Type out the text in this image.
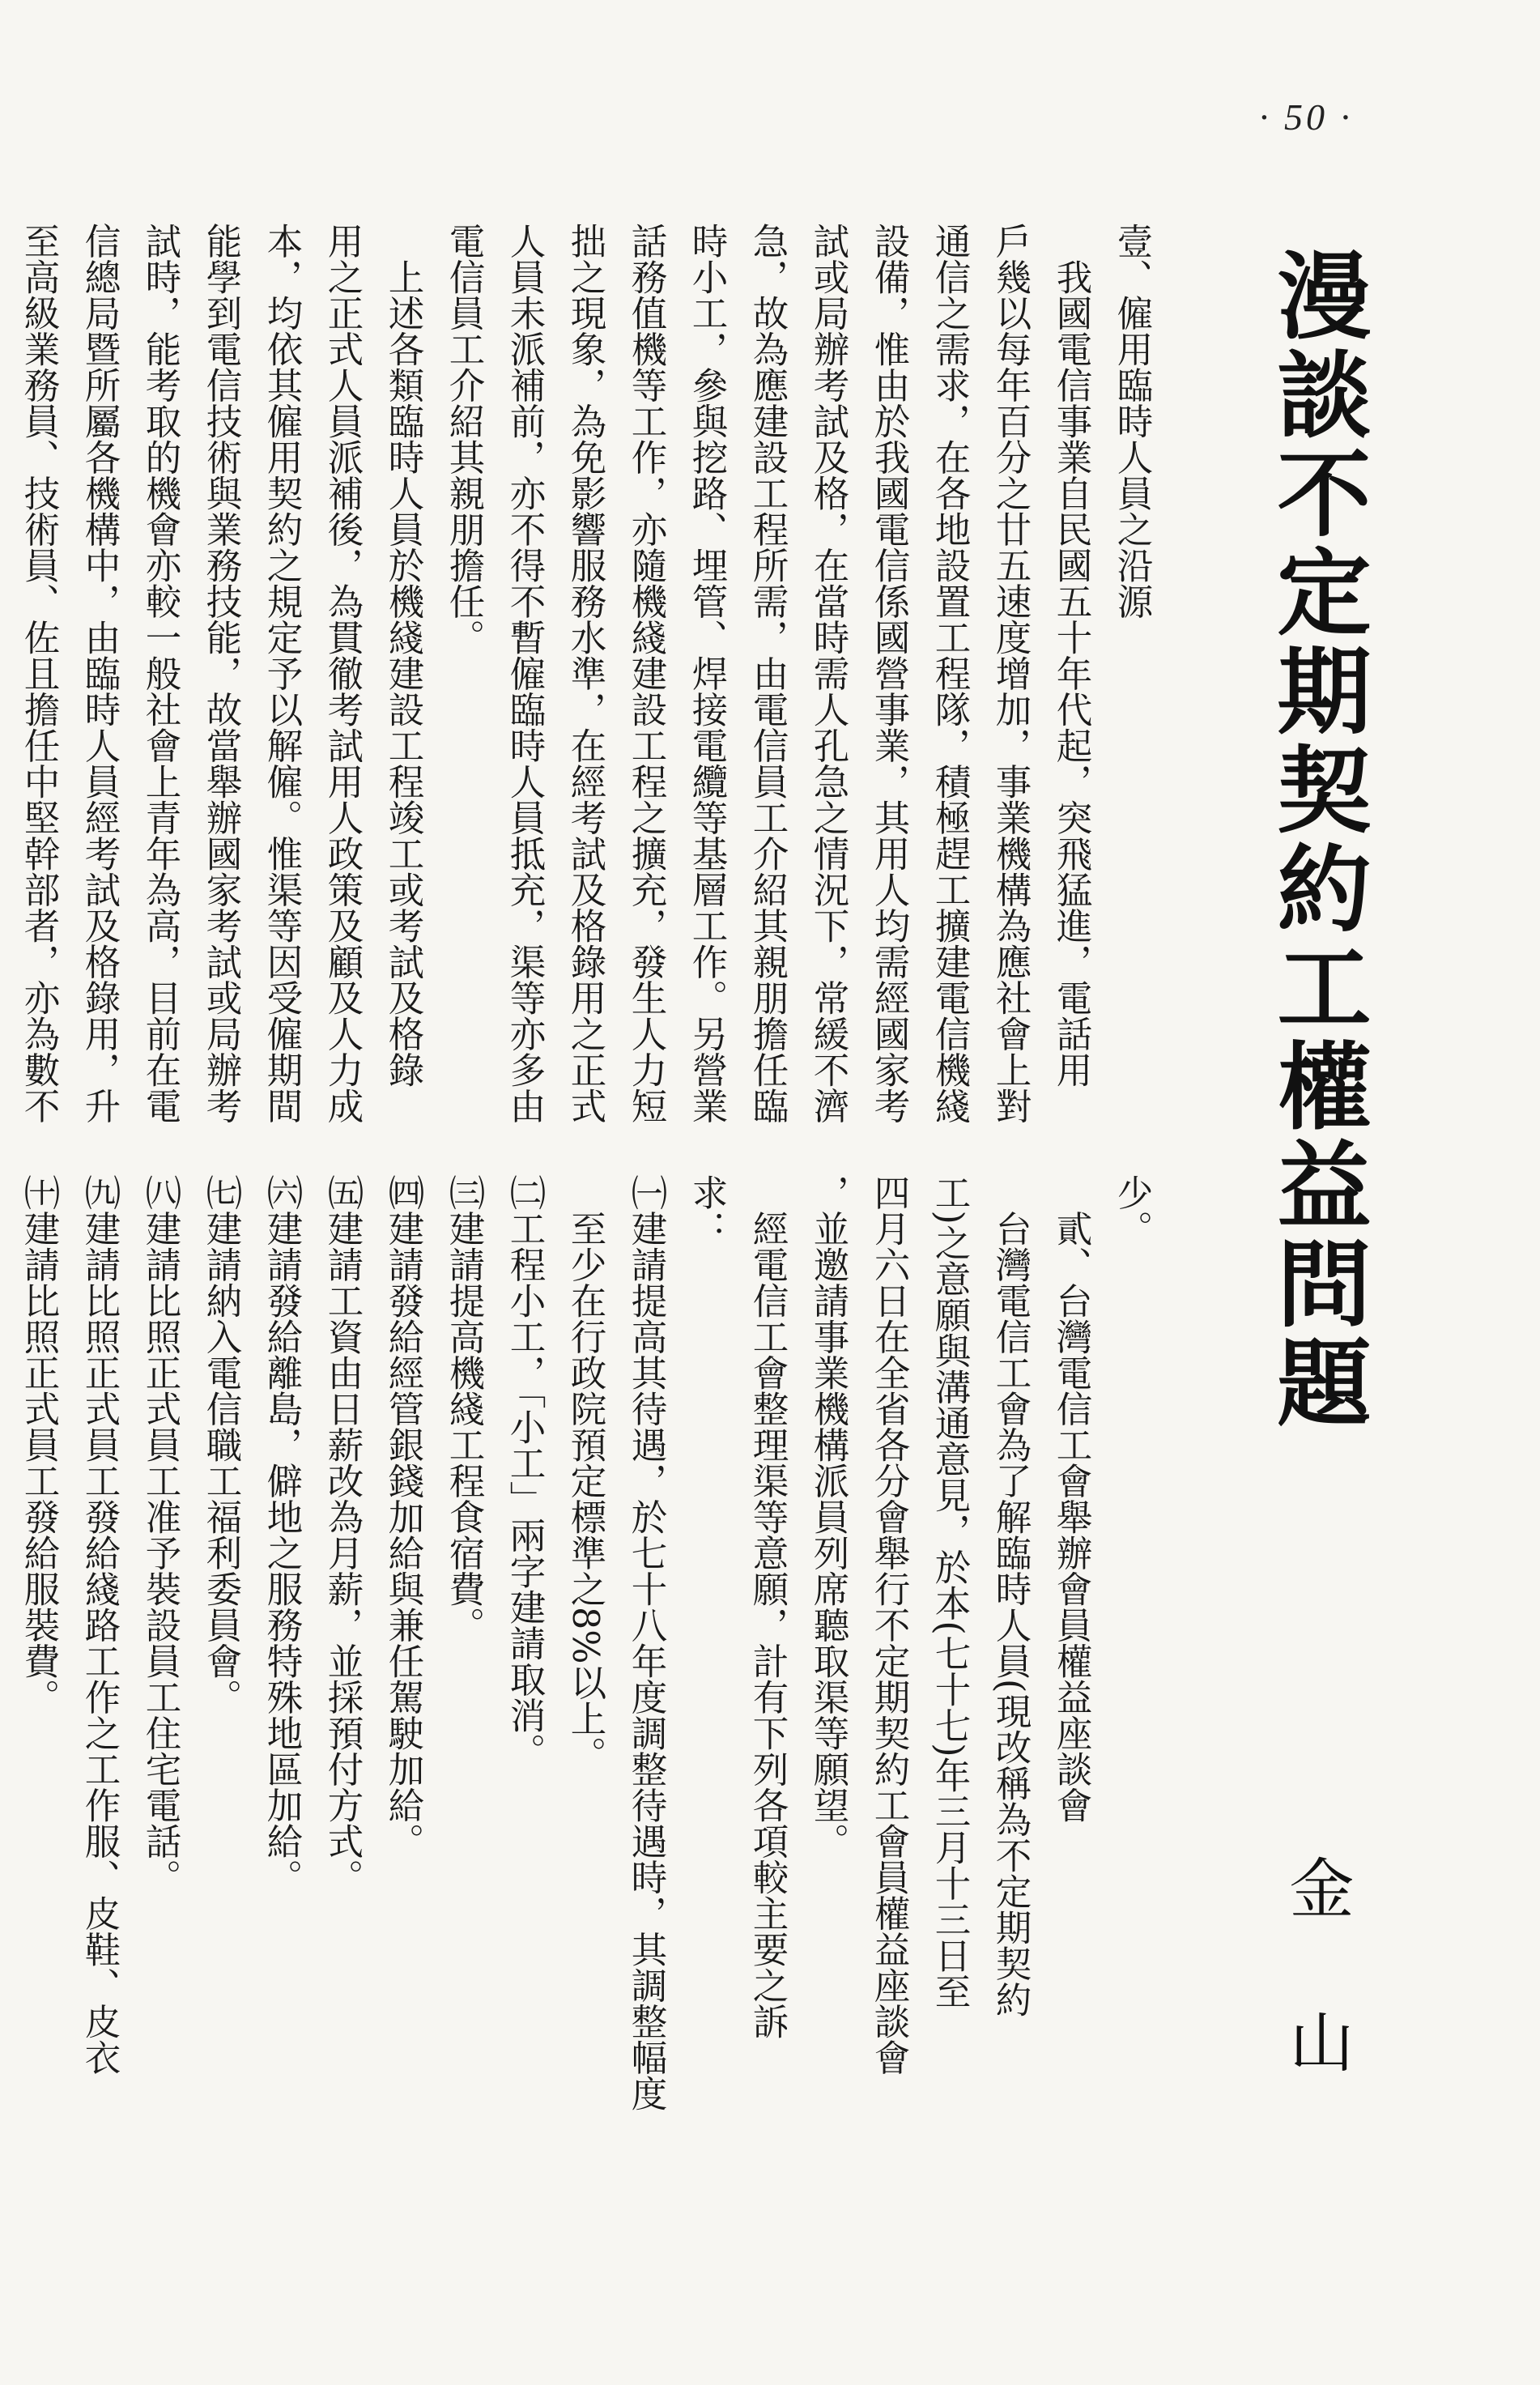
· 50 ·
漫談不定期契約工權益問題
金山
壹、僱用臨時人員之沿源
　我國電信事業自民國五十年代起，突飛猛進，電話用
戶幾以每年百分之廿五速度增加，事業機構為應社會上對
通信之需求，在各地設置工程隊，積極趕工擴建電信機綫
設備，惟由於我國電信係國營事業，其用人均需經國家考
試或局辦考試及格，在當時需人孔急之情況下，常緩不濟
急，故為應建設工程所需，由電信員工介紹其親朋擔任臨
時小工，參與挖路、埋管、焊接電纜等基層工作。另營業
話務值機等工作，亦隨機綫建設工程之擴充，發生人力短
拙之現象，為免影響服務水準，在經考試及格錄用之正式
人員未派補前，亦不得不暫僱臨時人員抵充，渠等亦多由
電信員工介紹其親朋擔任。
　上述各類臨時人員於機綫建設工程竣工或考試及格錄
用之正式人員派補後，為貫徹考試用人政策及顧及人力成
本，均依其僱用契約之規定予以解僱。惟渠等因受僱期間
能學到電信技術與業務技能，故當舉辦國家考試或局辦考
試時，能考取的機會亦較一般社會上青年為高，目前在電
信總局暨所屬各機構中，由臨時人員經考試及格錄用，升
至高級業務員、技術員、佐且擔任中堅幹部者，亦為數不
少。
　貳、台灣電信工會舉辦會員權益座談會
　台灣電信工會為了解臨時人員(現改稱為不定期契約
工)之意願與溝通意見，於本(七十七)年三月十三日至
四月六日在全省各分會舉行不定期契約工會員權益座談會
，並邀請事業機構派員列席聽取渠等願望。
　經電信工會整理渠等意願，計有下列各項較主要之訴
求：
㈠建請提高其待遇，於七十八年度調整待遇時，其調整幅度
　至少在行政院預定標準之8%以上。
㈡工程小工，「小工」兩字建請取消。
㈢建請提高機綫工程食宿費。
㈣建請發給經管銀錢加給與兼任駕駛加給。
㈤建請工資由日薪改為月薪，並採預付方式。
㈥建請發給離島，僻地之服務特殊地區加給。
㈦建請納入電信職工福利委員會。
㈧建請比照正式員工准予裝設員工住宅電話。
㈨建請比照正式員工發給綫路工作之工作服、皮鞋、皮衣
㈩建請比照正式員工發給服裝費。
